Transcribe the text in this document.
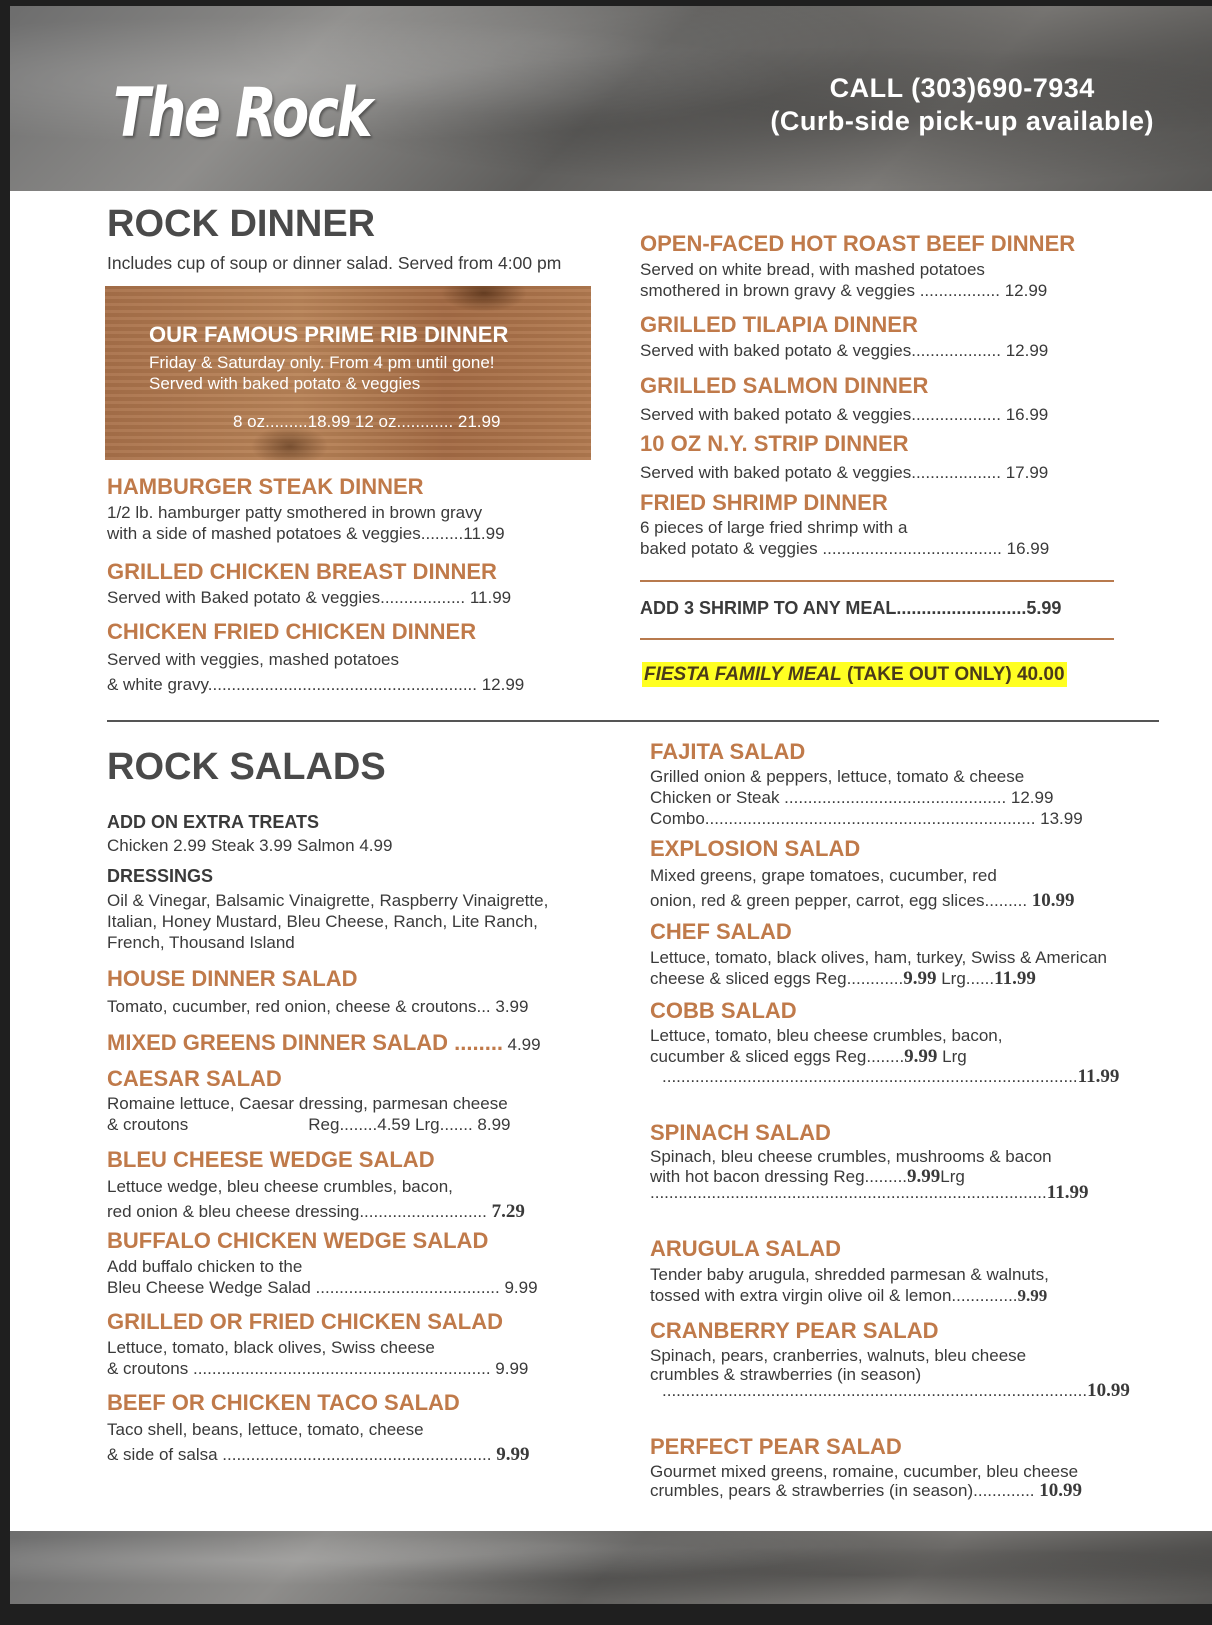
The Rock	CALL (303)690-7934
(Curb-side pick-up available)
ROCK DINNER
Includes cup of soup or dinner salad. Served from 4:00 pm
OUR FAMOUS PRIME RIB DINNER
Friday & Saturday only. From 4 pm until gone!
Served with baked potato & veggies
8 oz.........18.99 12 oz............ 21.99
HAMBURGER STEAK DINNER
1/2 lb. hamburger patty smothered in brown gravy
with a side of mashed potatoes & veggies.........11.99
GRILLED CHICKEN BREAST DINNER
Served with Baked potato & veggies.................. 11.99
CHICKEN FRIED CHICKEN DINNER
Served with veggies, mashed potatoes
& white gravy......................................................... 12.99
OPEN-FACED HOT ROAST BEEF DINNER
Served on white bread, with mashed potatoes
smothered in brown gravy & veggies ................. 12.99
GRILLED TILAPIA DINNER
Served with baked potato & veggies................... 12.99
GRILLED SALMON DINNER
Served with baked potato & veggies................... 16.99
10 OZ N.Y. STRIP DINNER
Served with baked potato & veggies................... 17.99
FRIED SHRIMP DINNER
6 pieces of large fried shrimp with a
baked potato & veggies ...................................... 16.99
ADD 3 SHRIMP TO ANY MEAL..........................5.99
FIESTA FAMILY MEAL (TAKE OUT ONLY) 40.00
ROCK SALADS
ADD ON EXTRA TREATS
Chicken 2.99 Steak 3.99 Salmon 4.99
DRESSINGS
Oil & Vinegar, Balsamic Vinaigrette, Raspberry Vinaigrette,
Italian, Honey Mustard, Bleu Cheese, Ranch, Lite Ranch,
French, Thousand Island
HOUSE DINNER SALAD
Tomato, cucumber, red onion, cheese & croutons... 3.99
MIXED GREENS DINNER SALAD ........ 4.99
CAESAR SALAD
Romaine lettuce, Caesar dressing, parmesan cheese
& croutons	Reg........4.59 Lrg....... 8.99
BLEU CHEESE WEDGE SALAD
Lettuce wedge, bleu cheese crumbles, bacon,
red onion & bleu cheese dressing........................... 7.29
BUFFALO CHICKEN WEDGE SALAD
Add buffalo chicken to the
Bleu Cheese Wedge Salad ....................................... 9.99
GRILLED OR FRIED CHICKEN SALAD
Lettuce, tomato, black olives, Swiss cheese
& croutons ............................................................... 9.99
BEEF OR CHICKEN TACO SALAD
Taco shell, beans, lettuce, tomato, cheese
& side of salsa ......................................................... 9.99
FAJITA SALAD
Grilled onion & peppers, lettuce, tomato & cheese
Chicken or Steak ............................................... 12.99
Combo...................................................................... 13.99
EXPLOSION SALAD
Mixed greens, grape tomatoes, cucumber, red
onion, red & green pepper, carrot, egg slices......... 10.99
CHEF SALAD
Lettuce, tomato, black olives, ham, turkey, Swiss & American
cheese & sliced eggs Reg............9.99 Lrg......11.99
COBB SALAD
Lettuce, tomato, bleu cheese crumbles, bacon,
cucumber & sliced eggs Reg........9.99 Lrg
........................................................................................11.99
SPINACH SALAD
Spinach, bleu cheese crumbles, mushrooms & bacon
with hot bacon dressing Reg.........9.99Lrg
....................................................................................11.99
ARUGULA SALAD
Tender baby arugula, shredded parmesan & walnuts,
tossed with extra virgin olive oil & lemon..............9.99
CRANBERRY PEAR SALAD
Spinach, pears, cranberries, walnuts, bleu cheese
crumbles & strawberries (in season)
..........................................................................................10.99
PERFECT PEAR SALAD
Gourmet mixed greens, romaine, cucumber, bleu cheese
crumbles, pears & strawberries (in season)............. 10.99
